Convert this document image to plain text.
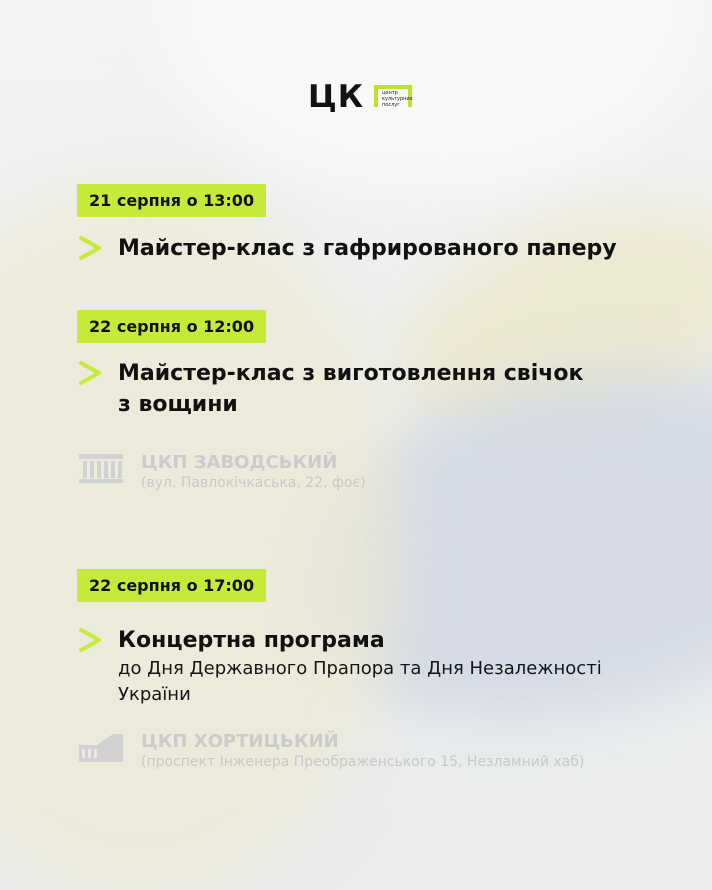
ЦК	центр культурних послуг
21 серпня о 13:00
Майстер-клас з гафрированого паперу
22 серпня о 12:00
Майстер-клас з виготовлення свічок
з вощини
ЦКП ЗАВОДСЬКИЙ
(вул. Павлокічкаська, 22, фоє)
22 серпня о 17:00
Концертна програма
до Дня Державного Прапора та Дня Незалежності
України
ЦКП ХОРТИЦЬКИЙ
(проспект Інженера Преображенського 15, Незламний хаб)
